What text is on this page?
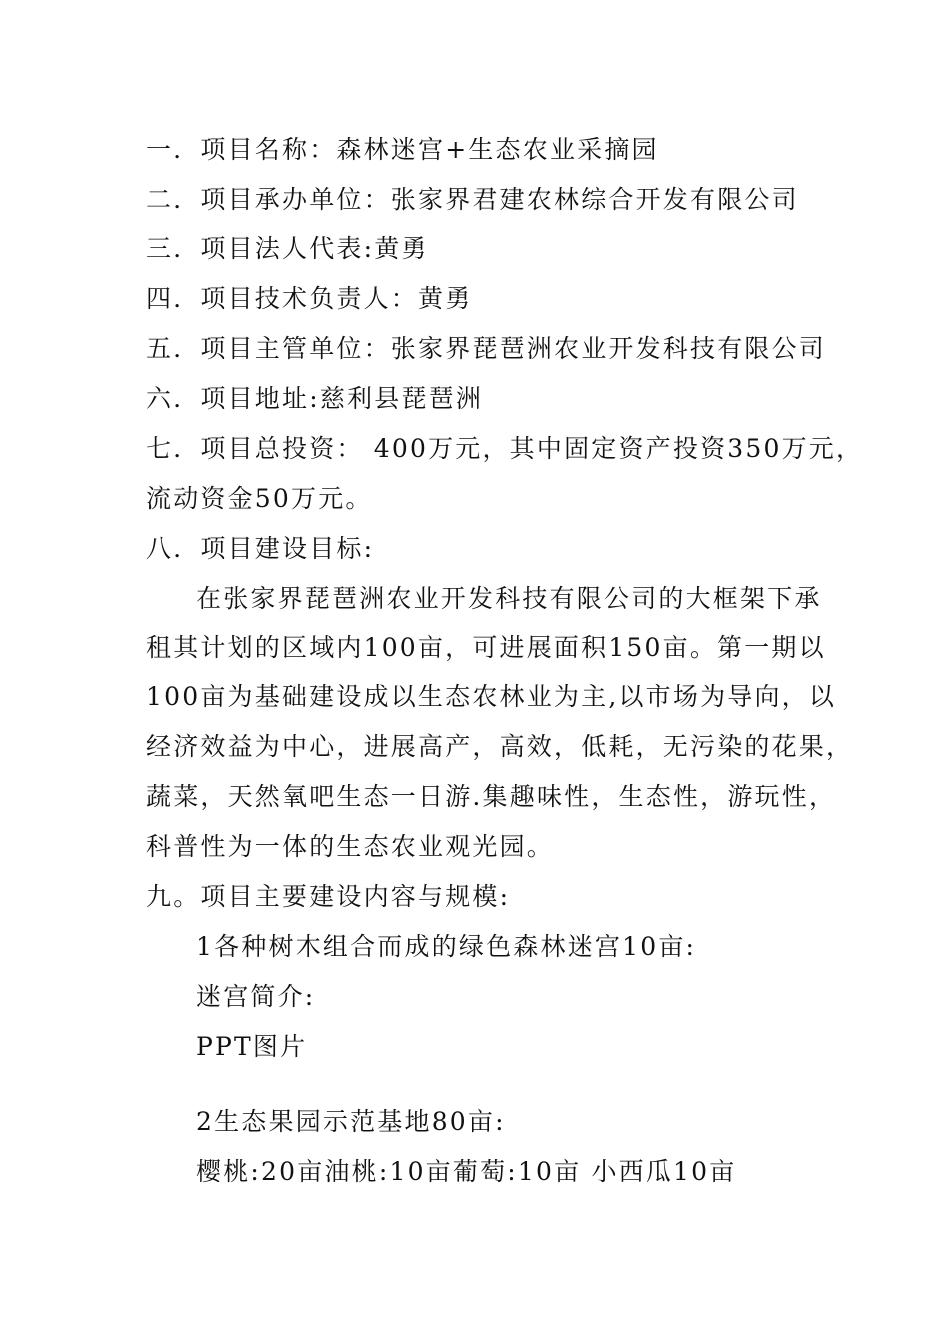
一．项目名称：森林迷宫+生态农业采摘园
二．项目承办单位：张家界君建农林综合开发有限公司
三．项目法人代表:黄勇
四．项目技术负责人：黄勇
五．项目主管单位：张家界琵琶洲农业开发科技有限公司
六．项目地址:慈利县琵琶洲
七．项目总投资： 400万元，其中固定资产投资350万元，
流动资金50万元。
八．项目建设目标:
在张家界琵琶洲农业开发科技有限公司的大框架下承
租其计划的区域内100亩，可进展面积150亩。第一期以
100亩为基础建设成以生态农林业为主,以市场为导向，以
经济效益为中心，进展高产，高效，低耗，无污染的花果，
蔬菜，天然氧吧生态一日游.集趣味性，生态性，游玩性，
科普性为一体的生态农业观光园。
九。项目主要建设内容与规模:
1各种树木组合而成的绿色森林迷宫10亩:
迷宫简介:
PPT图片
2生态果园示范基地80亩:
樱桃:20亩油桃:10亩葡萄:10亩 小西瓜10亩
